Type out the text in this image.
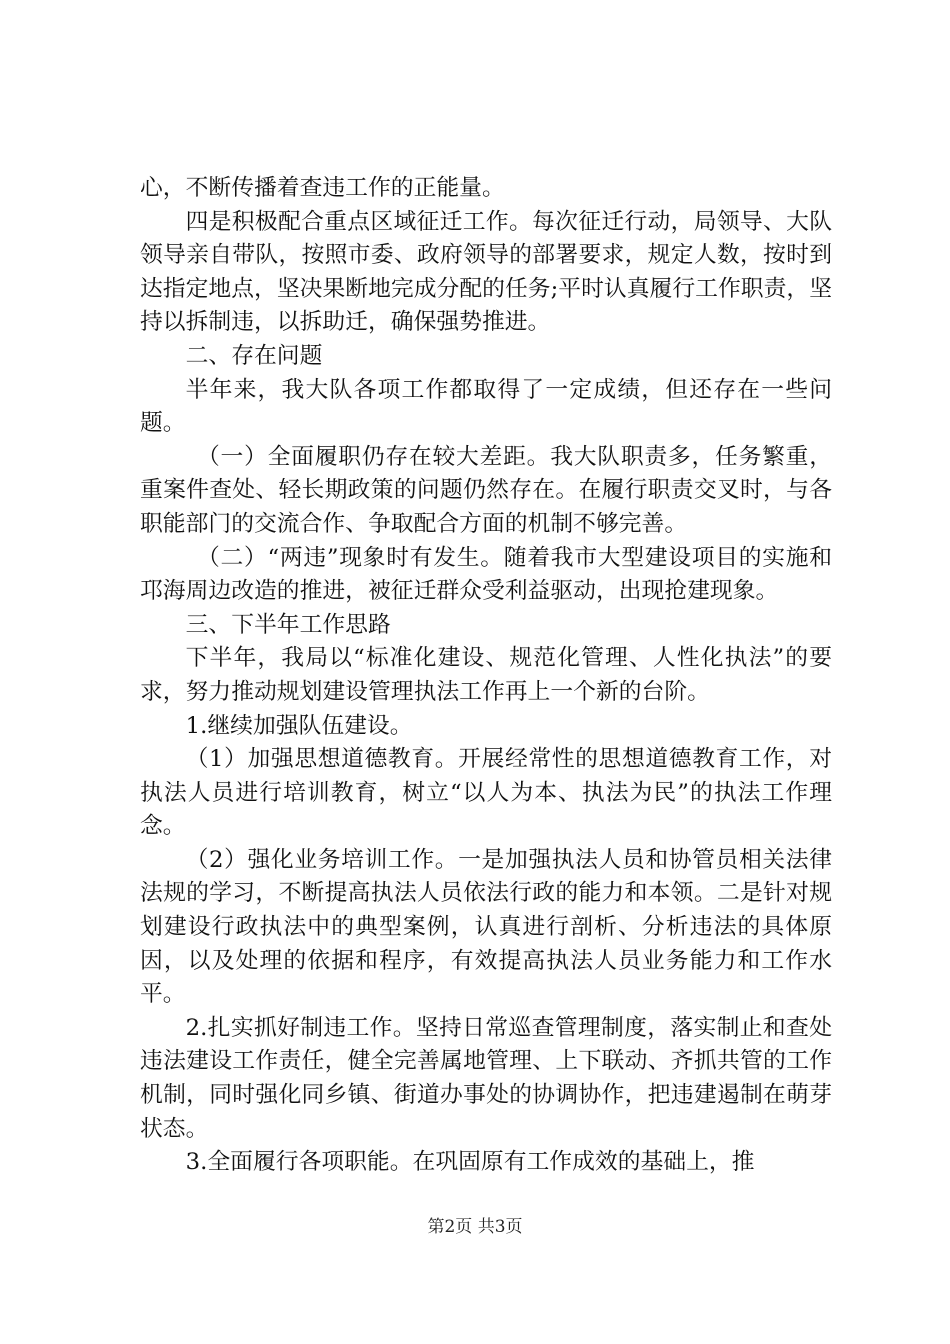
心，不断传播着查违工作的正能量。

四是积极配合重点区域征迁工作。每次征迁行动，局领导、大队领导亲自带队，按照市委、政府领导的部署要求，规定人数，按时到达指定地点，坚决果断地完成分配的任务;平时认真履行工作职责，坚持以拆制违，以拆助迁，确保强势推进。

二、存在问题

半年来，我大队各项工作都取得了一定成绩，但还存在一些问题。

（一）全面履职仍存在较大差距。我大队职责多，任务繁重，重案件查处、轻长期政策的问题仍然存在。在履行职责交叉时，与各职能部门的交流合作、争取配合方面的机制不够完善。

（二）“两违”现象时有发生。随着我市大型建设项目的实施和邛海周边改造的推进，被征迁群众受利益驱动，出现抢建现象。

三、下半年工作思路

下半年，我局以“标准化建设、规范化管理、人性化执法”的要求，努力推动规划建设管理执法工作再上一个新的台阶。

1.继续加强队伍建设。

（1）加强思想道德教育。开展经常性的思想道德教育工作，对执法人员进行培训教育，树立“以人为本、执法为民”的执法工作理念。

（2）强化业务培训工作。一是加强执法人员和协管员相关法律法规的学习，不断提高执法人员依法行政的能力和本领。二是针对规划建设行政执法中的典型案例，认真进行剖析、分析违法的具体原因，以及处理的依据和程序，有效提高执法人员业务能力和工作水平。

2.扎实抓好制违工作。坚持日常巡查管理制度，落实制止和查处违法建设工作责任，健全完善属地管理、上下联动、齐抓共管的工作机制，同时强化同乡镇、街道办事处的协调协作，把违建遏制在萌芽状态。

3.全面履行各项职能。在巩固原有工作成效的基础上，推

第2页 共3页
